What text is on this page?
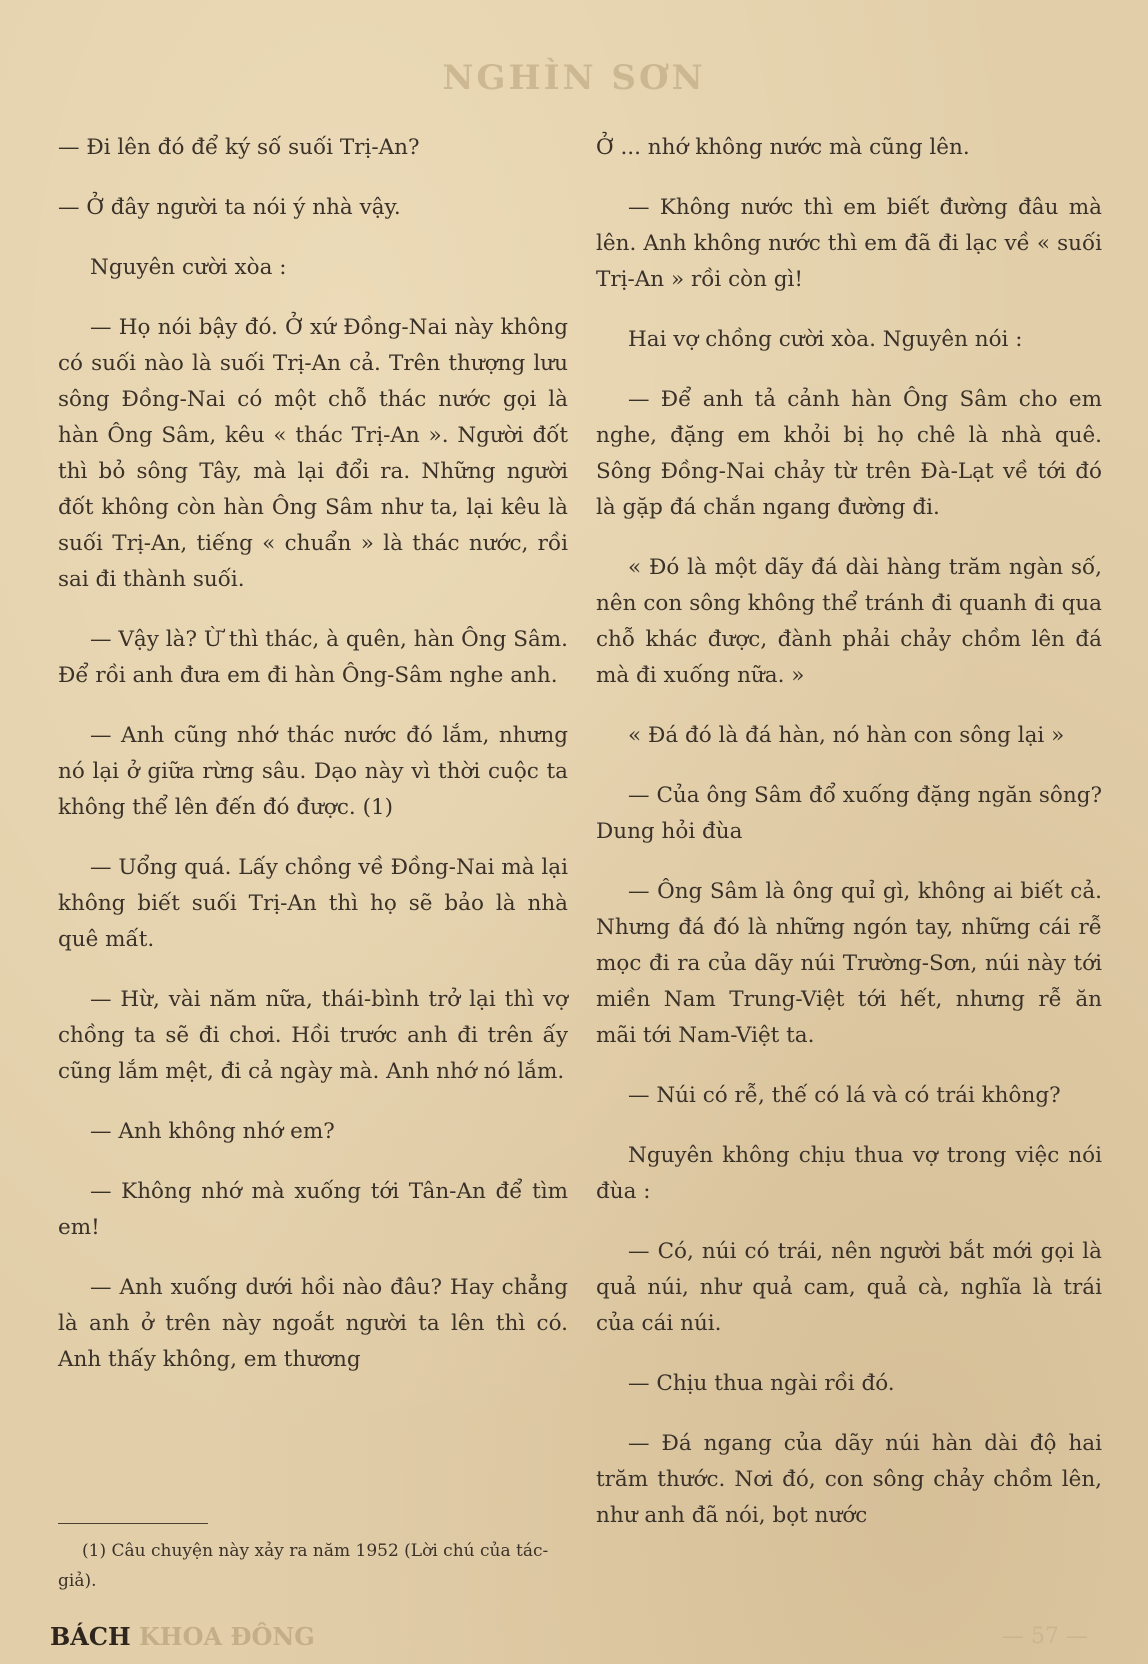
NGHÌN SƠN

— Đi lên đó để ký số suối Trị-An?

— Ở đây người ta nói ý nhà vậy.

Nguyên cười xòa :

— Họ nói bậy đó. Ở xứ Đồng-Nai này không có suối nào là suối Trị-An cả. Trên thượng lưu sông Đồng-Nai có một chỗ thác nước gọi là hàn Ông Sâm, kêu « thác Trị-An ». Người đốt thì bỏ sông Tây, mà lại đổi ra. Những người đốt không còn hàn Ông Sâm như ta, lại kêu là suối Trị-An, tiếng « chuẩn » là thác nước, rồi sai đi thành suối.

— Vậy là? Ừ thì thác, à quên, hàn Ông Sâm. Để rồi anh đưa em đi hàn Ông-Sâm nghe anh.

— Anh cũng nhớ thác nước đó lắm, nhưng nó lại ở giữa rừng sâu. Dạo này vì thời cuộc ta không thể lên đến đó được. (1)

— Uổng quá. Lấy chồng về Đồng-Nai mà lại không biết suối Trị-An thì họ sẽ bảo là nhà quê mất.

— Hừ, vài năm nữa, thái-bình trở lại thì vợ chồng ta sẽ đi chơi. Hồi trước anh đi trên ấy cũng lắm mệt, đi cả ngày mà. Anh nhớ nó lắm.

— Anh không nhớ em?

— Không nhớ mà xuống tới Tân-An để tìm em!

— Anh xuống dưới hồi nào đâu? Hay chẳng là anh ở trên này ngoắt người ta lên thì có. Anh thấy không, em thương

(1) Câu chuyện này xảy ra năm 1952 (Lời chú của tác-giả).

Ở ... nhớ không nước mà cũng lên.

— Không nước thì em biết đường đâu mà lên. Anh không nước thì em đã đi lạc về « suối Trị-An » rồi còn gì!

Hai vợ chồng cười xòa. Nguyên nói :

— Để anh tả cảnh hàn Ông Sâm cho em nghe, đặng em khỏi bị họ chê là nhà quê. Sông Đồng-Nai chảy từ trên Đà-Lạt về tới đó là gặp đá chắn ngang đường đi.

« Đó là một dãy đá dài hàng trăm ngàn số, nên con sông không thể tránh đi quanh đi qua chỗ khác được, đành phải chảy chồm lên đá mà đi xuống nữa. »

« Đá đó là đá hàn, nó hàn con sông lại »

— Của ông Sâm đổ xuống đặng ngăn sông? Dung hỏi đùa

— Ông Sâm là ông quỉ gì, không ai biết cả. Nhưng đá đó là những ngón tay, những cái rễ mọc đi ra của dãy núi Trường-Sơn, núi này tới miền Nam Trung-Việt tới hết, nhưng rễ ăn mãi tới Nam-Việt ta.

— Núi có rễ, thế có lá và có trái không?

Nguyên không chịu thua vợ trong việc nói đùa :

— Có, núi có trái, nên người bắt mới gọi là quả núi, như quả cam, quả cà, nghĩa là trái của cái núi.

— Chịu thua ngài rồi đó.

— Đá ngang của dãy núi hàn dài độ hai trăm thước. Nơi đó, con sông chảy chồm lên, như anh đã nói, bọt nước

BÁCH KHOA ĐÔNG	— 57 —
